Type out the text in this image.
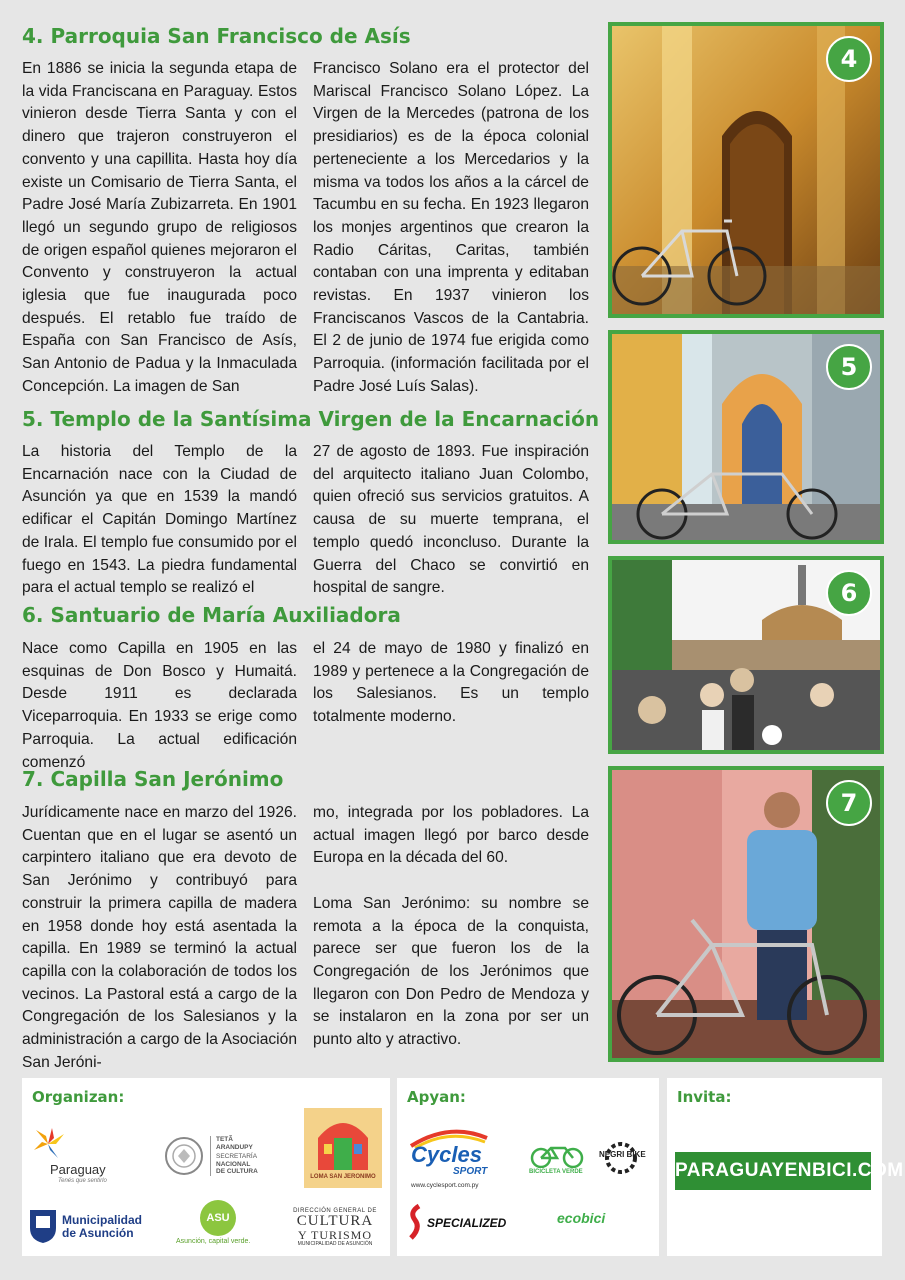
4. Parroquia San Francisco de Asís

En 1886 se inicia la segunda etapa de la vida Franciscana en Paraguay. Estos vinieron desde Tierra Santa y con el dinero que trajeron construyeron el convento y una capillita. Hasta hoy día existe un Comisario de Tierra Santa, el Padre José María Zubizarreta. En 1901 llegó un segundo grupo de religiosos de origen español quienes mejoraron el Convento y construyeron la actual iglesia que fue inaugurada poco después. El retablo fue traído de España con San Francisco de Asís, San Antonio de Padua y la Inmaculada Concepción. La imagen de San

Francisco Solano era el protector del Mariscal Francisco Solano López. La Virgen de la Mercedes (patrona de los presidiarios) es de la época colonial perteneciente a los Mercedarios y la misma va todos los años a la cárcel de Tacumbu en su fecha. En 1923 llegaron los monjes argentinos que crearon la Radio Cáritas, Caritas, también contaban con una imprenta y editaban revistas. En 1937 vinieron los Franciscanos Vascos de la Cantabria. El 2 de junio de 1974 fue erigida como Parroquia. (información facilitada por el Padre José Luís Salas).

5. Templo de la Santísima Virgen de la Encarnación

La historia del Templo de la Encarnación nace con la Ciudad de Asunción ya que en 1539 la mandó edificar el Capitán Domingo Martínez de Irala. El templo fue consumido por el fuego en 1543. La piedra fundamental para el actual templo se realizó el

27 de agosto de 1893. Fue inspiración del arquitecto italiano Juan Colombo, quien ofreció sus servicios gratuitos. A causa de su muerte temprana, el templo quedó inconcluso. Durante la Guerra del Chaco se convirtió en hospital de sangre.

6. Santuario de María Auxiliadora

Nace como Capilla en 1905 en las esquinas de Don Bosco y Humaitá. Desde 1911 es declarada Viceparroquia. En 1933 se erige como Parroquia. La actual edificación comenzó

el 24 de mayo de 1980 y finalizó en 1989 y pertenece a la Congregación de los Salesianos. Es un templo totalmente moderno.

7. Capilla San Jerónimo

Jurídicamente nace en marzo del 1926. Cuentan que en el lugar se asentó un carpintero italiano que era devoto de San Jerónimo y contribuyó para construir la primera capilla de madera en 1958 donde hoy está asentada la capilla. En 1989 se terminó la actual capilla con la colaboración de todos los vecinos. La Pastoral está a cargo de la Congregación de los Salesianos y la administración a cargo de la Asociación San Jeróni-

mo, integrada por los pobladores. La actual imagen llegó por barco desde Europa en la década del 60.

Loma San Jerónimo: su nombre se remota a la época de la conquista, parece ser que fueron los de la Congregación de los Jerónimos que llegaron con Don Pedro de Mendoza y se instalaron en la zona por ser un punto alto y atractivo.

4
5
6
7
Organizan:
Paraguay
Tenés que sentirlo
TETÃ
ARANDUPY
SECRETARÍA
NACIONAL
DE CULTURA
LOMA SAN JERONIMO
Municipalidad
de Asunción
ASU
Asunción, capital verde.
DIRECCIÓN GENERAL DE
CULTURA
Y TURISMO
MUNICIPALIDAD DE ASUNCIÓN
Apyan:
Cycles
SPORT
www.cyclesport.com.py
BICICLETA VERDE
NEGRI BIKE
SPECIALIZED	ecobici
Invita:
PARAGUAYENBICI.COM
